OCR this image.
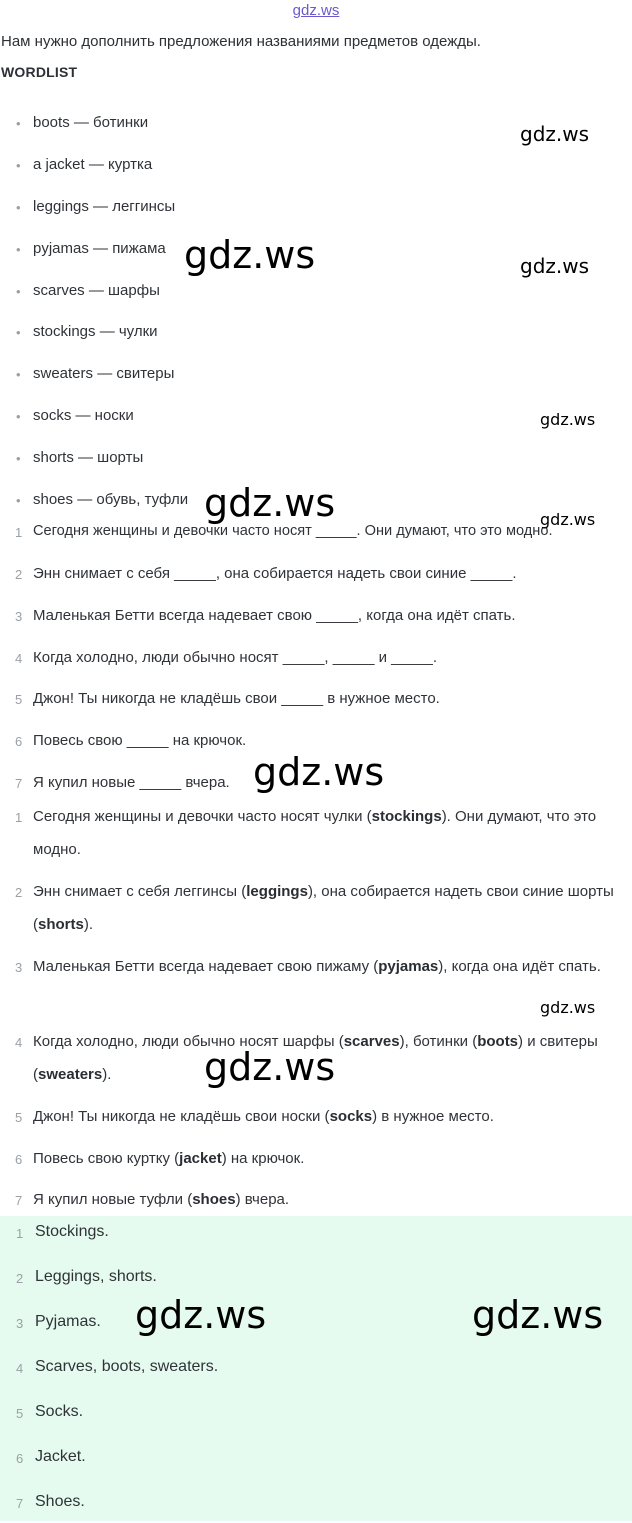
gdz.ws
Нам нужно дополнить предложения названиями предметов одежды.
WORDLIST
• boots — ботинки
• a jacket — куртка
• leggings — леггинсы
• pyjamas — пижама
• scarves — шарфы
• stockings — чулки
• sweaters — свитеры
• socks — носки
• shorts — шорты
• shoes — обувь, туфли
1 Сегодня женщины и девочки часто носят _____. Они думают, что это модно.
2 Энн снимает с себя _____, она собирается надеть свои синие _____.
3 Маленькая Бетти всегда надевает свою _____, когда она идёт спать.
4 Когда холодно, люди обычно носят _____, _____ и _____.
5 Джон! Ты никогда не кладёшь свои _____ в нужное место.
6 Повесь свою _____ на крючок.
7 Я купил новые _____ вчера.
1 Сегодня женщины и девочки часто носят чулки (stockings). Они думают, что это модно.
2 Энн снимает с себя леггинсы (leggings), она собирается надеть свои синие шорты (shorts).
3 Маленькая Бетти всегда надевает свою пижаму (pyjamas), когда она идёт спать.
4 Когда холодно, люди обычно носят шарфы (scarves), ботинки (boots) и свитеры (sweaters).
5 Джон! Ты никогда не кладёшь свои носки (socks) в нужное место.
6 Повесь свою куртку (jacket) на крючок.
7 Я купил новые туфли (shoes) вчера.
1 Stockings.
2 Leggings, shorts.
3 Pyjamas.
4 Scarves, boots, sweaters.
5 Socks.
6 Jacket.
7 Shoes.
gdz.ws
gdz.ws	gdz.ws
gdz.ws
gdz.ws	gdz.ws
gdz.ws
gdz.ws
gdz.ws
gdz.ws	gdz.ws
